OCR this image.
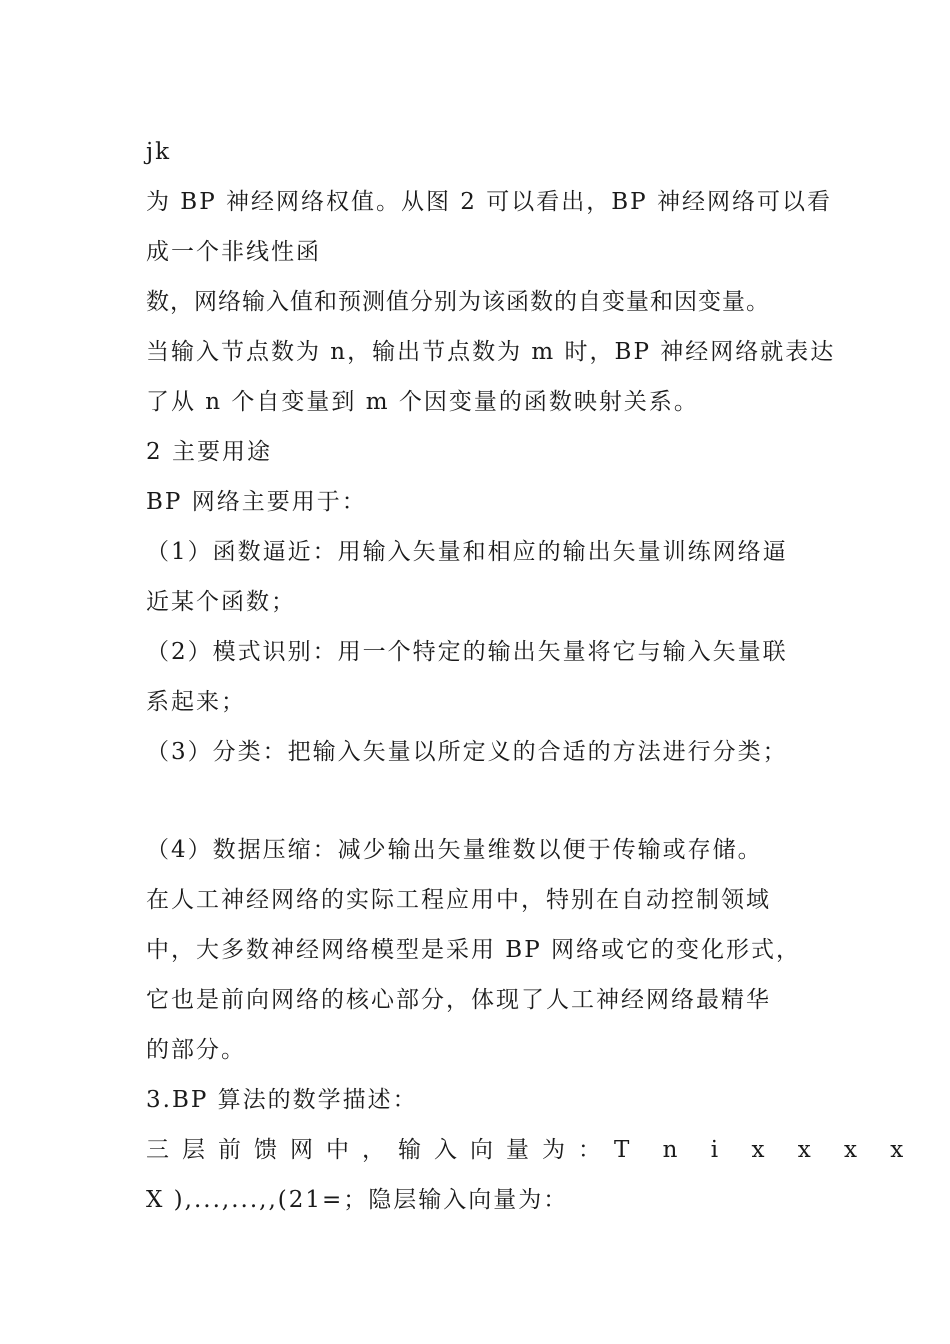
jk
为 BP 神经网络权值。从图 2 可以看出，BP 神经网络可以看
成一个非线性函
数，网络输入值和预测值分别为该函数的自变量和因变量。
当输入节点数为 n，输出节点数为 m 时，BP 神经网络就表达
了从 n 个自变量到 m 个因变量的函数映射关系。
2 主要用途
BP 网络主要用于：
（1）函数逼近：用输入矢量和相应的输出矢量训练网络逼
近某个函数；
（2）模式识别：用一个特定的输出矢量将它与输入矢量联
系起来；
（3）分类：把输入矢量以所定义的合适的方法进行分类；
（4）数据压缩：减少输出矢量维数以便于传输或存储。
在人工神经网络的实际工程应用中，特别在自动控制领域
中，大多数神经网络模型是采用 BP 网络或它的变化形式，
它也是前向网络的核心部分，体现了人工神经网络最精华
的部分。
3.BP 算法的数学描述：
三层前馈网中，输入向量为：T n i x x x x
X ),...,...,,(21=；隐层输入向量为：
